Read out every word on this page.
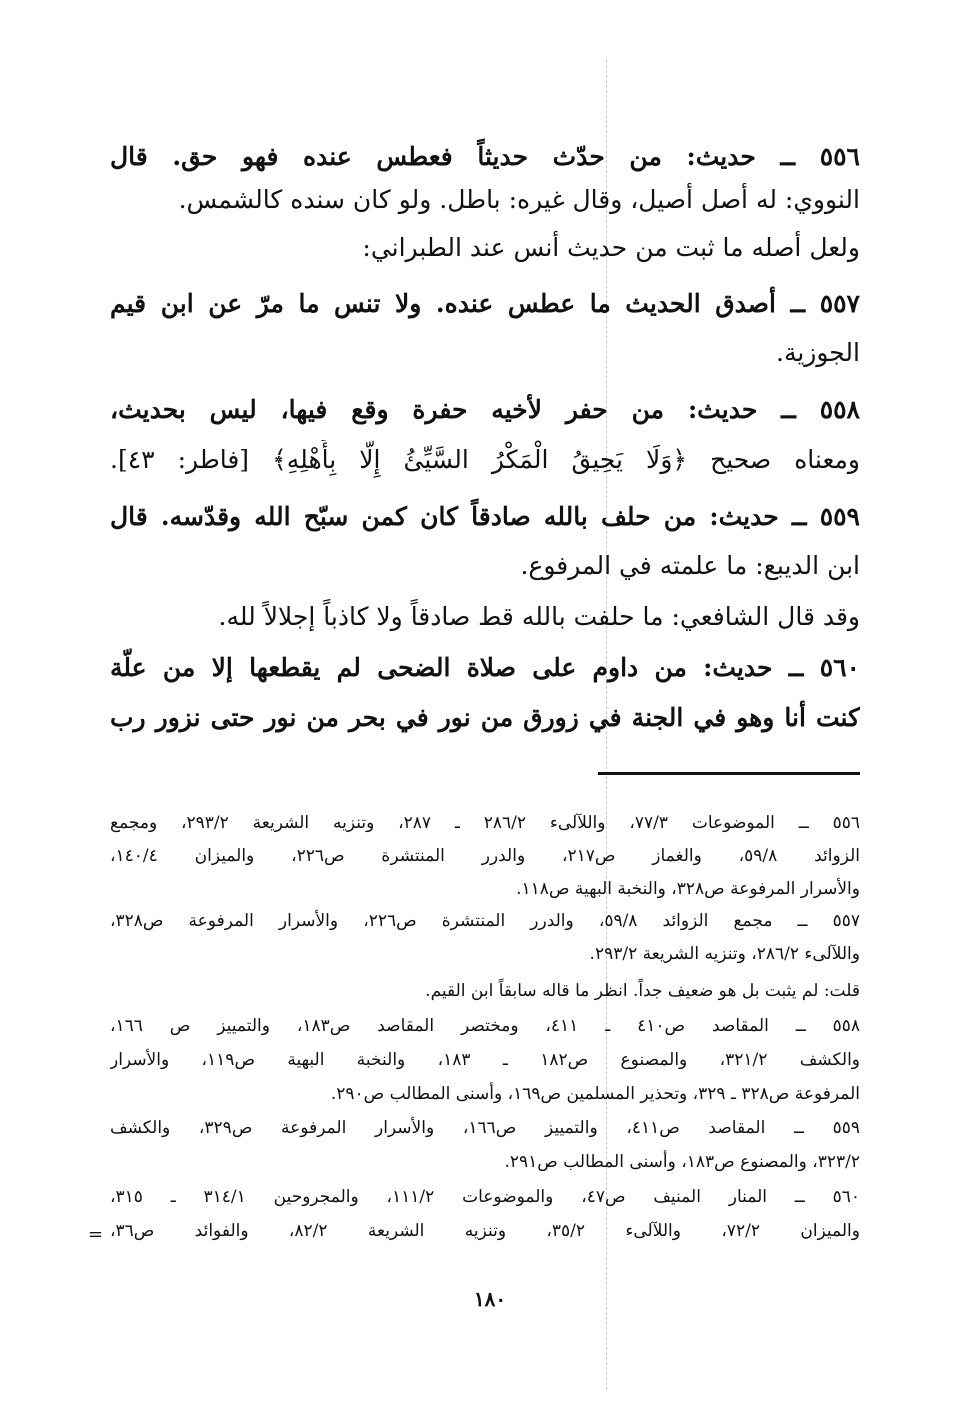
٥٥٦ ــ حديث: من حدّث حديثاً فعطس عنده فهو حق. قال
النووي: له أصل أصيل، وقال غيره: باطل. ولو كان سنده كالشمس.
ولعل أصله ما ثبت من حديث أنس عند الطبراني:
٥٥٧ ــ أصدق الحديث ما عطس عنده. ولا تنس ما مرّ عن ابن قيم
الجوزية.
٥٥٨ ــ حديث: من حفر لأخيه حفرة وقع فيها، ليس بحديث،
ومعناه صحيح ﴿وَلَا يَحِيقُ الْمَكْرُ السَّيِّئُ إِلَّا بِأَهْلِهِ﴾ [فاطر: ٤٣].
٥٥٩ ــ حديث: من حلف بالله صادقاً كان كمن سبّح الله وقدّسه. قال
ابن الديبع: ما علمته في المرفوع.
وقد قال الشافعي: ما حلفت بالله قط صادقاً ولا كاذباً إجلالاً لله.
٥٦٠ ــ حديث: من داوم على صلاة الضحى لم يقطعها إلا من علّة
كنت أنا وهو في الجنة في زورق من نور في بحر من نور حتى نزور رب
٥٥٦ ــ الموضوعات ٧٧/٣، واللآلىء ٢٨٦/٢ ـ ٢٨٧، وتنزيه الشريعة ٢٩٣/٢، ومجمع
الزوائد ٥٩/٨، والغماز ص٢١٧، والدرر المنتشرة ص٢٢٦، والميزان ١٤٠/٤،
والأسرار المرفوعة ص٣٢٨، والنخبة البهية ص١١٨.
٥٥٧ ــ مجمع الزوائد ٥٩/٨، والدرر المنتشرة ص٢٢٦، والأسرار المرفوعة ص٣٢٨،
واللآلىء ٢٨٦/٢، وتنزيه الشريعة ٢٩٣/٢.
قلت: لم يثبت بل هو ضعيف جداً. انظر ما قاله سابقاً ابن القيم.
٥٥٨ ــ المقاصد ص٤١٠ ـ ٤١١، ومختصر المقاصد ص١٨٣، والتمييز ص ١٦٦،
والكشف ٣٢١/٢، والمصنوع ص١٨٢ ـ ١٨٣، والنخبة البهية ص١١٩، والأسرار
المرفوعة ص٣٢٨ ـ ٣٢٩، وتحذير المسلمين ص١٦٩، وأسنى المطالب ص٢٩٠.
٥٥٩ ــ المقاصد ص٤١١، والتمييز ص١٦٦، والأسرار المرفوعة ص٣٢٩، والكشف
٣٢٣/٢، والمصنوع ص١٨٣، وأسنى المطالب ص٢٩١.
٥٦٠ ــ المنار المنيف ص٤٧، والموضوعات ١١١/٢، والمجروحين ٣١٤/١ ـ ٣١٥،
والميزان ٧٢/٢، واللآلىء ٣٥/٢، وتنزيه الشريعة ٨٢/٢، والفوائد ص٣٦،
=
١٨٠
